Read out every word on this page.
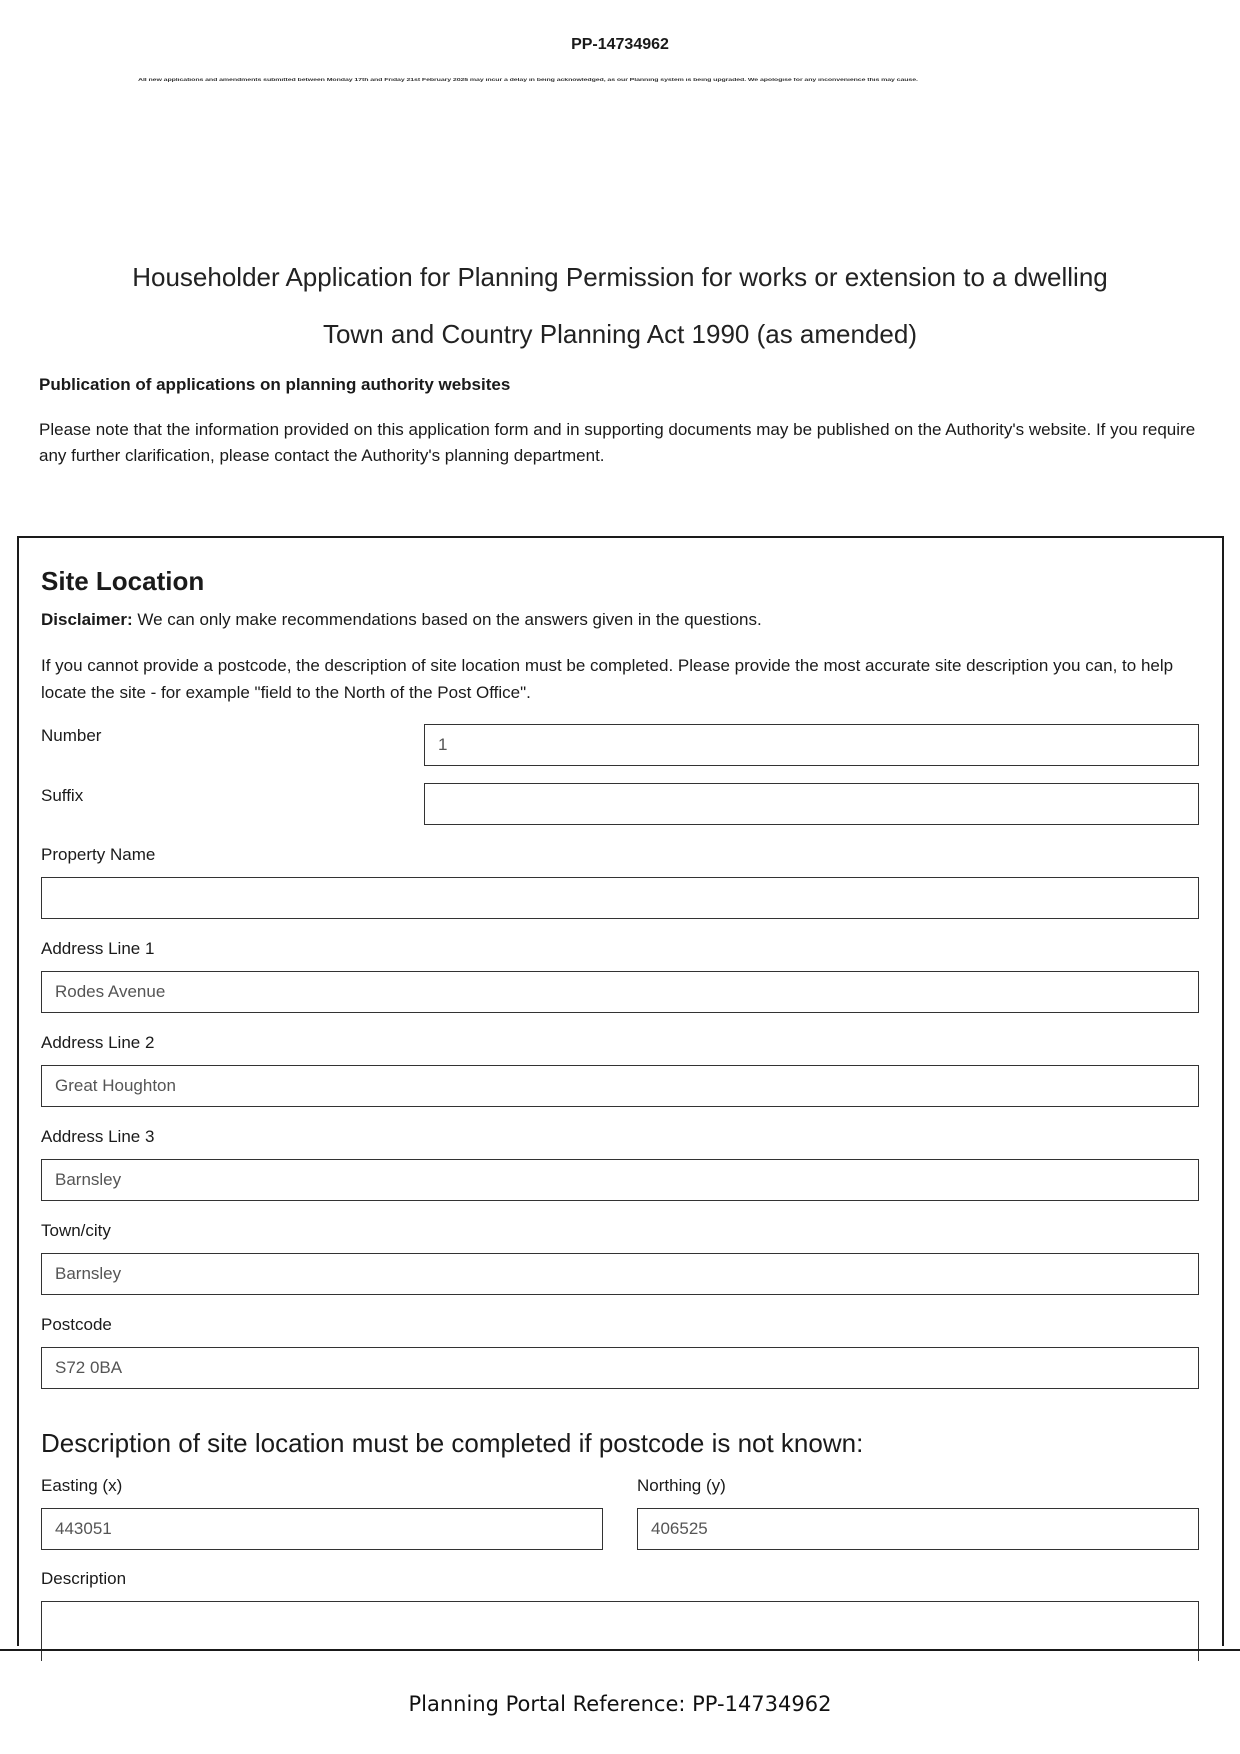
PP-14734962
All new applications and amendments submitted between Monday 17th and Friday 21st February 2025 may incur a delay in being acknowledged, as our Planning system is being upgraded. We apologise for any inconvenience this may cause.
Householder Application for Planning Permission for works or extension to a dwelling
Town and Country Planning Act 1990 (as amended)
Publication of applications on planning authority websites
Please note that the information provided on this application form and in supporting documents may be published on the Authority's website. If you require any further clarification, please contact the Authority's planning department.
Site Location
Disclaimer: We can only make recommendations based on the answers given in the questions.
If you cannot provide a postcode, the description of site location must be completed. Please provide the most accurate site description you can, to help locate the site - for example "field to the North of the Post Office".
Number	1
Suffix
Property Name
Address Line 1
Rodes Avenue
Address Line 2
Great Houghton
Address Line 3
Barnsley
Town/city
Barnsley
Postcode
S72 0BA
Description of site location must be completed if postcode is not known:
Easting (x)
443051
Northing (y)
406525
Description
Planning Portal Reference: PP-14734962
